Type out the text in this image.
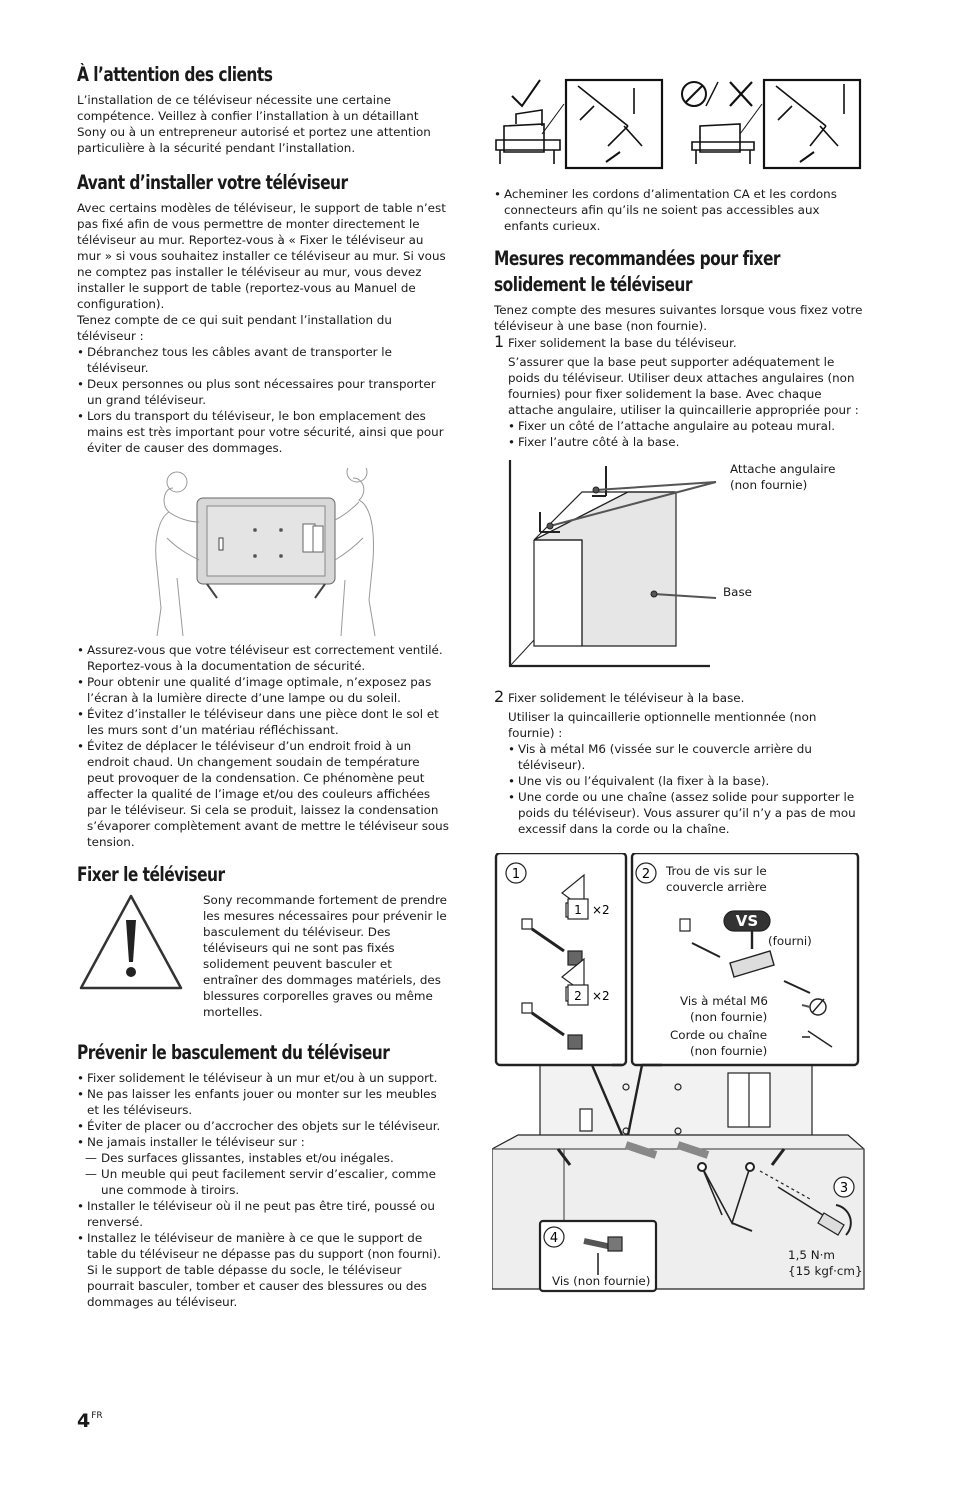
À l’attention des clients

L’installation de ce téléviseur nécessite une certaine compétence. Veillez à confier l’installation à un détaillant Sony ou à un entrepreneur autorisé et portez une attention particulière à la sécurité pendant l’installation.

Avant d’installer votre téléviseur

Avec certains modèles de téléviseur, le support de table n’est pas fixé afin de vous permettre de monter directement le téléviseur au mur. Reportez-vous à « Fixer le téléviseur au mur » si vous souhaitez installer ce téléviseur au mur. Si vous ne comptez pas installer le téléviseur au mur, vous devez installer le support de table (reportez-vous au Manuel de configuration).

Tenez compte de ce qui suit pendant l’installation du téléviseur :

• Débranchez tous les câbles avant de transporter le téléviseur.
• Deux personnes ou plus sont nécessaires pour transporter un grand téléviseur.
• Lors du transport du téléviseur, le bon emplacement des mains est très important pour votre sécurité, ainsi que pour éviter de causer des dommages.
• Assurez-vous que votre téléviseur est correctement ventilé. Reportez-vous à la documentation de sécurité.
• Pour obtenir une qualité d’image optimale, n’exposez pas l’écran à la lumière directe d’une lampe ou du soleil.
• Évitez d’installer le téléviseur dans une pièce dont le sol et les murs sont d’un matériau réfléchissant.
• Évitez de déplacer le téléviseur d’un endroit froid à un endroit chaud. Un changement soudain de température peut provoquer de la condensation. Ce phénomène peut affecter la qualité de l’image et/ou des couleurs affichées par le téléviseur. Si cela se produit, laissez la condensation s’évaporer complètement avant de mettre le téléviseur sous tension.
Fixer le téléviseur

Sony recommande fortement de prendre les mesures nécessaires pour prévenir le basculement du téléviseur. Des téléviseurs qui ne sont pas fixés solidement peuvent basculer et entraîner des dommages matériels, des blessures corporelles graves ou même mortelles.

Prévenir le basculement du téléviseur
• Fixer solidement le téléviseur à un mur et/ou à un support.
• Ne pas laisser les enfants jouer ou monter sur les meubles et les téléviseurs.
• Éviter de placer ou d’accrocher des objets sur le téléviseur.
• Ne jamais installer le téléviseur sur :
— Des surfaces glissantes, instables et/ou inégales.
— Un meuble qui peut facilement servir d’escalier, comme une commode à tiroirs.
• Installer le téléviseur où il ne peut pas être tiré, poussé ou renversé.
• Installez le téléviseur de manière à ce que le support de table du téléviseur ne dépasse pas du support (non fourni). Si le support de table dépasse du socle, le téléviseur pourrait basculer, tomber et causer des blessures ou des dommages au téléviseur.
• Acheminer les cordons d’alimentation CA et les cordons connecteurs afin qu’ils ne soient pas accessibles aux enfants curieux.
Mesures recommandées pour fixer
solidement le téléviseur

Tenez compte des mesures suivantes lorsque vous fixez votre téléviseur à une base (non fournie).

1 Fixer solidement la base du téléviseur.

S’assurer que la base peut supporter adéquatement le poids du téléviseur. Utiliser deux attaches angulaires (non fournies) pour fixer solidement la base. Avec chaque attache angulaire, utiliser la quincaillerie appropriée pour :

• Fixer un côté de l’attache angulaire au poteau mural.
• Fixer l’autre côté à la base.
Attache angulaire
(non fournie)
Base
2 Fixer solidement le téléviseur à la base.

Utiliser la quincaillerie optionnelle mentionnée (non fournie) :

• Vis à métal M6 (vissée sur le couvercle arrière du téléviseur).
• Une vis ou l’équivalent (la fixer à la base).
• Une corde ou une chaîne (assez solide pour supporter le poids du téléviseur). Vous assurer qu’il n’y a pas de mou excessif dans la corde ou la chaîne.
1	2
3
4
1
2
×2
×2
VS
Trou de vis sur le
couvercle arrière
(fourni)
Vis à métal M6
(non fournie)
Corde ou chaîne
(non fournie)
1,5 N·m
{15 kgf·cm}
Vis (non fournie)
$4^{FR}$
